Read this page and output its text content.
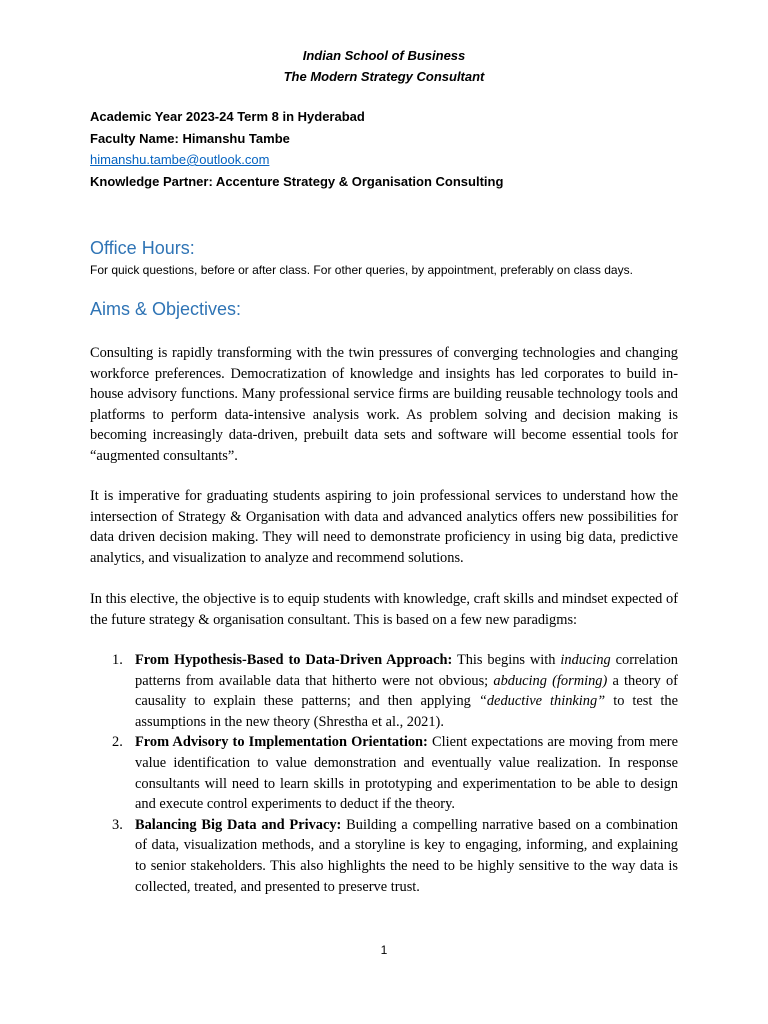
Indian School of Business
The Modern Strategy Consultant
Academic Year 2023-24 Term 8 in Hyderabad
Faculty Name: Himanshu Tambe
himanshu.tambe@outlook.com
Knowledge Partner: Accenture Strategy & Organisation Consulting
Office Hours:
For quick questions, before or after class. For other queries, by appointment, preferably on class days.
Aims & Objectives:

Consulting is rapidly transforming with the twin pressures of converging technologies and changing workforce preferences. Democratization of knowledge and insights has led corporates to build in-house advisory functions. Many professional service firms are building reusable technology tools and platforms to perform data-intensive analysis work. As problem solving and decision making is becoming increasingly data-driven, prebuilt data sets and software will become essential tools for “augmented consultants”.

It is imperative for graduating students aspiring to join professional services to understand how the intersection of Strategy & Organisation with data and advanced analytics offers new possibilities for data driven decision making. They will need to demonstrate proficiency in using big data, predictive analytics, and visualization to analyze and recommend solutions.

In this elective, the objective is to equip students with knowledge, craft skills and mindset expected of the future strategy & organisation consultant. This is based on a few new paradigms:

1. From Hypothesis-Based to Data-Driven Approach: This begins with inducing correlation patterns from available data that hitherto were not obvious; abducing (forming) a theory of causality to explain these patterns; and then applying “deductive thinking” to test the assumptions in the new theory (Shrestha et al., 2021).
2. From Advisory to Implementation Orientation: Client expectations are moving from mere value identification to value demonstration and eventually value realization. In response consultants will need to learn skills in prototyping and experimentation to be able to design and execute control experiments to deduct if the theory.
3. Balancing Big Data and Privacy: Building a compelling narrative based on a combination of data, visualization methods, and a storyline is key to engaging, informing, and explaining to senior stakeholders. This also highlights the need to be highly sensitive to the way data is collected, treated, and presented to preserve trust.
1
